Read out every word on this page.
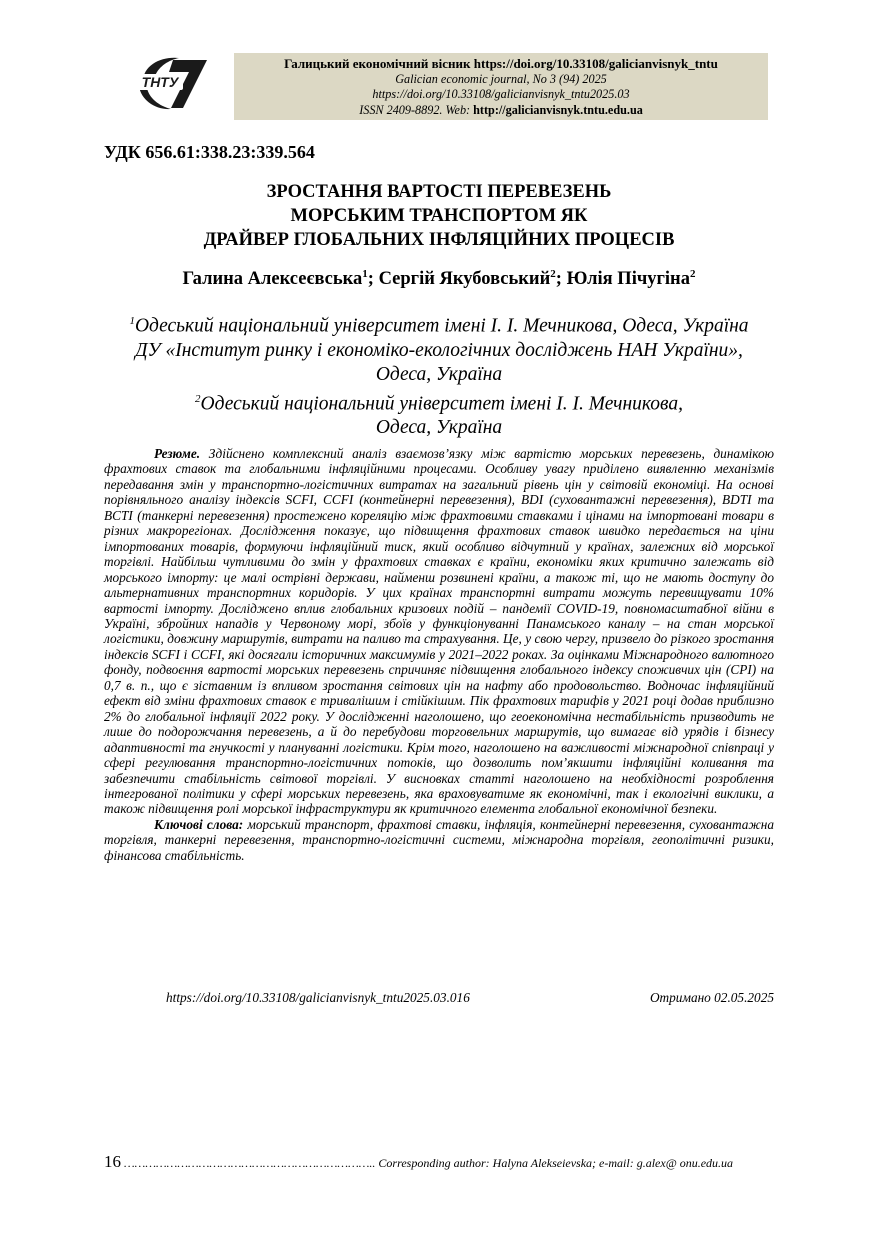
ТНТУ
Галицький економічний вісник https://doi.org/10.33108/galicianvisnyk_tntu
Galician economic journal, No 3 (94) 2025
https://doi.org/10.33108/galicianvisnyk_tntu2025.03
ISSN 2409-8892. Web: http://galicianvisnyk.tntu.edu.ua
УДК 656.61:338.23:339.564
ЗРОСТАННЯ ВАРТОСТІ ПЕРЕВЕЗЕНЬ
МОРСЬКИМ ТРАНСПОРТОМ ЯК
ДРАЙВЕР ГЛОБАЛЬНИХ ІНФЛЯЦІЙНИХ ПРОЦЕСІВ
Галина Алексеєвська$^1$; Сергій Якубовський$^2$; Юлія Пічугіна$^2$
$^1$Одеський національний університет імені І. І. Мечникова, Одеса, Україна
ДУ «Інститут ринку і економіко-екологічних досліджень НАН України»,
Одеса, Україна
$^2$Одеський національний університет імені І. І. Мечникова,
Одеса, Україна

Резюме. Здійснено комплексний аналіз взаємозв’язку між вартістю морських перевезень, динамікою фрахтових ставок та глобальними інфляційними процесами. Особливу увагу приділено виявленню механізмів передавання змін у транспортно-логістичних витратах на загальний рівень цін у світовій економіці. На основі порівняльного аналізу індексів SCFI, CCFI (контейнерні перевезення), BDI (суховантажні перевезення), BDTI та BCTI (танкерні перевезення) простежено кореляцію між фрахтовими ставками і цінами на імпортовані товари в різних макрорегіонах. Дослідження показує, що підвищення фрахтових ставок швидко передається на ціни імпортованих товарів, формуючи інфляційний тиск, який особливо відчутний у країнах, залежних від морської торгівлі. Найбільш чутливими до змін у фрахтових ставках є країни, економіки яких критично залежать від морського імпорту: це малі острівні держави, найменш розвинені країни, а також ті, що не мають доступу до альтернативних транспортних коридорів. У цих країнах транспортні витрати можуть перевищувати 10% вартості імпорту. Досліджено вплив глобальних кризових подій – пандемії COVID-19, повномасштабної війни в Україні, збройних нападів у Червоному морі, збоїв у функціонуванні Панамського каналу – на стан морської логістики, довжину маршрутів, витрати на паливо та страхування. Це, у свою чергу, призвело до різкого зростання індексів SCFI і CCFI, які досягали історичних максимумів у 2021–2022 роках. За оцінками Міжнародного валютного фонду, подвоєння вартості морських перевезень спричиняє підвищення глобального індексу споживчих цін (CPI) на 0,7 в. п., що є зіставним із впливом зростання світових цін на нафту або продовольство. Водночас інфляційний ефект від зміни фрахтових ставок є тривалішим і стійкішим. Пік фрахтових тарифів у 2021 році додав приблизно 2% до глобальної інфляції 2022 року. У дослідженні наголошено, що геоекономічна нестабільність призводить не лише до подорожчання перевезень, а й до перебудови торговельних маршрутів, що вимагає від урядів і бізнесу адаптивності та гнучкості у плануванні логістики. Крім того, наголошено на важливості міжнародної співпраці у сфері регулювання транспортно-логістичних потоків, що дозволить пом’якшити інфляційні коливання та забезпечити стабільність світової торгівлі. У висновках статті наголошено на необхідності розроблення інтегрованої політики у сфері морських перевезень, яка враховуватиме як економічні, так і екологічні виклики, а також підвищення ролі морської інфраструктури як критичного елемента глобальної економічної безпеки.

Ключові слова: морський транспорт, фрахтові ставки, інфляція, контейнерні перевезення, суховантажна торгівля, танкерні перевезення, транспортно-логістичні системи, міжнародна торгівля, геополітичні ризики, фінансова стабільність.

https://doi.org/10.33108/galicianvisnyk_tntu2025.03.016	Отримано 02.05.2025
16 …………………………………………………………….. Corresponding author: Halyna Alekseievska; e-mail: g.alex@ onu.edu.ua
